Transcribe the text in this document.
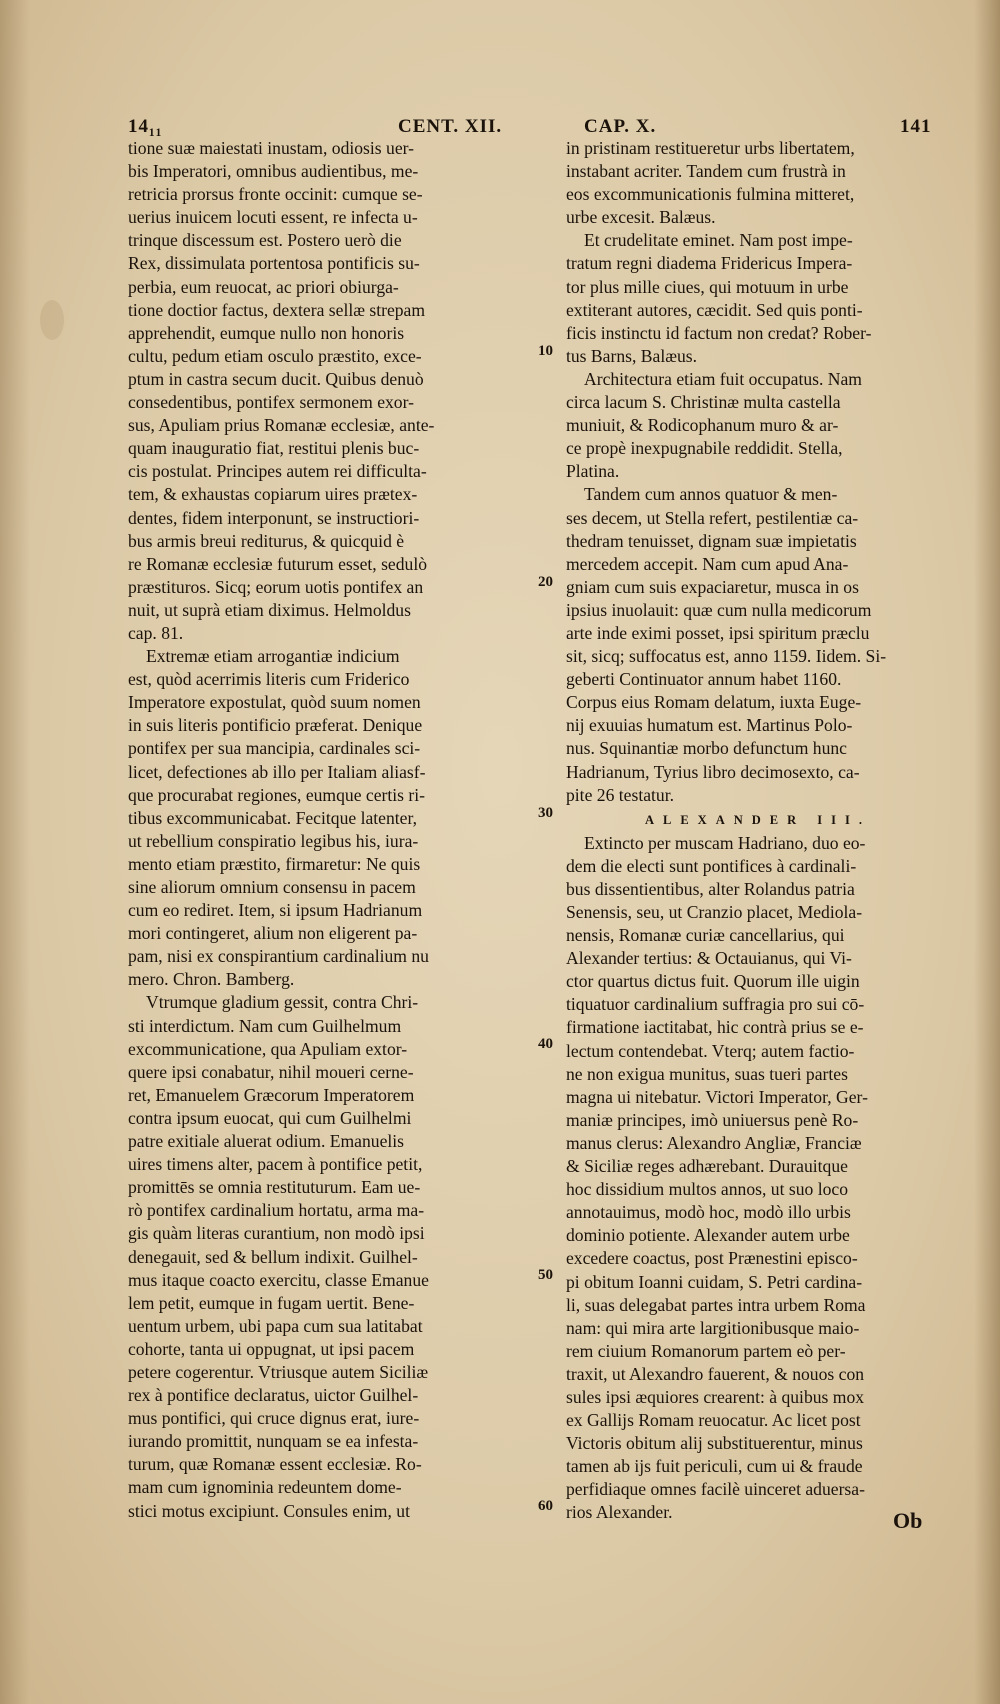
14₁₁	CENT. XII.	CAP. X.	141

tione suæ maiestati inustam, odiosis uer-
bis Imperatori, omnibus audientibus, me-
retricia prorsus fronte occinit: cumque se-
uerius inuicem locuti essent, re infecta u-
trinque discessum est. Postero uerò die
Rex, dissimulata portentosa pontificis su-
perbia, eum reuocat, ac priori obiurga-
tione doctior factus, dextera sellæ strepam
apprehendit, eumque nullo non honoris
cultu, pedum etiam osculo præstito, exce-
ptum in castra secum ducit. Quibus denuò
consedentibus, pontifex sermonem exor-
sus, Apuliam prius Romanæ ecclesiæ, ante-
quam inauguratio fiat, restitui plenis buc-
cis postulat. Principes autem rei difficulta-
tem, & exhaustas copiarum uires prætex-
dentes, fidem interponunt, se instructiori-
bus armis breui rediturus, & quicquid è
re Romanæ ecclesiæ futurum esset, sedulò
præstituros. Sicq; eorum uotis pontifex an
nuit, ut suprà etiam diximus. Helmoldus
cap. 81.

Extremæ etiam arrogantiæ indicium
est, quòd acerrimis literis cum Friderico
Imperatore expostulat, quòd suum nomen
in suis literis pontificio præferat. Denique
pontifex per sua mancipia, cardinales sci-
licet, defectiones ab illo per Italiam aliasf-
que procurabat regiones, eumque certis ri-
tibus excommunicabat. Fecitque latenter,
ut rebellium conspiratio legibus his, iura-
mento etiam præstito, firmaretur: Ne quis
sine aliorum omnium consensu in pacem
cum eo rediret. Item, si ipsum Hadrianum
mori contingeret, alium non eligerent pa-
pam, nisi ex conspirantium cardinalium nu
mero. Chron. Bamberg.

Vtrumque gladium gessit, contra Chri-
sti interdictum. Nam cum Guilhelmum
excommunicatione, qua Apuliam extor-
quere ipsi conabatur, nihil moueri cerne-
ret, Emanuelem Græcorum Imperatorem
contra ipsum euocat, qui cum Guilhelmi
patre exitiale aluerat odium. Emanuelis
uires timens alter, pacem à pontifice petit,
promittēs se omnia restituturum. Eam ue-
rò pontifex cardinalium hortatu, arma ma-
gis quàm literas curantium, non modò ipsi
denegauit, sed & bellum indixit. Guilhel-
mus itaque coacto exercitu, classe Emanue
lem petit, eumque in fugam uertit. Bene-
uentum urbem, ubi papa cum sua latitabat
cohorte, tanta ui oppugnat, ut ipsi pacem
petere cogerentur. Vtriusque autem Siciliæ
rex à pontifice declaratus, uictor Guilhel-
mus pontifici, qui cruce dignus erat, iure-
iurando promittit, nunquam se ea infesta-
turum, quæ Romanæ essent ecclesiæ. Ro-
mam cum ignominia redeuntem dome-
stici motus excipiunt. Consules enim, ut

10
20
30
40
50
60

in pristinam restitueretur urbs libertatem,
instabant acriter. Tandem cum frustrà in
eos excommunicationis fulmina mitteret,
urbe excesit. Balæus.

Et crudelitate eminet. Nam post impe-
tratum regni diadema Fridericus Impera-
tor plus mille ciues, qui motuum in urbe
extiterant autores, cæcidit. Sed quis ponti-
ficis instinctu id factum non credat? Rober-
tus Barns, Balæus.

Architectura etiam fuit occupatus. Nam
circa lacum S. Christinæ multa castella
muniuit, & Rodicophanum muro & ar-
ce propè inexpugnabile reddidit. Stella,
Platina.

Tandem cum annos quatuor & men-
ses decem, ut Stella refert, pestilentiæ ca-
thedram tenuisset, dignam suæ impietatis
mercedem accepit. Nam cum apud Ana-
gniam cum suis expaciaretur, musca in os
ipsius inuolauit: quæ cum nulla medicorum
arte inde eximi posset, ipsi spiritum præclu
sit, sicq; suffocatus est, anno 1159. Iidem. Si-
geberti Continuator annum habet 1160.
Corpus eius Romam delatum, iuxta Euge-
nij exuuias humatum est. Martinus Polo-
nus. Squinantiæ morbo defunctum hunc
Hadrianum, Tyrius libro decimosexto, ca-
pite 26 testatur.

ALEXANDER III.

Extincto per muscam Hadriano, duo eo-
dem die electi sunt pontifices à cardinali-
bus dissentientibus, alter Rolandus patria
Senensis, seu, ut Cranzio placet, Mediola-
nensis, Romanæ curiæ cancellarius, qui
Alexander tertius: & Octauianus, qui Vi-
ctor quartus dictus fuit. Quorum ille uigin
tiquatuor cardinalium suffragia pro sui cō-
firmatione iactitabat, hic contrà prius se e-
lectum contendebat. Vterq; autem factio-
ne non exigua munitus, suas tueri partes
magna ui nitebatur. Victori Imperator, Ger-
maniæ principes, imò uniuersus penè Ro-
manus clerus: Alexandro Angliæ, Franciæ
& Siciliæ reges adhærebant. Durauitque
hoc dissidium multos annos, ut suo loco
annotauimus, modò hoc, modò illo urbis
dominio potiente. Alexander autem urbe
excedere coactus, post Prænestini episco-
pi obitum Ioanni cuidam, S. Petri cardina-
li, suas delegabat partes intra urbem Roma
nam: qui mira arte largitionibusque maio-
rem ciuium Romanorum partem eò per-
traxit, ut Alexandro fauerent, & nouos con
sules ipsi æquiores crearent: à quibus mox
ex Gallijs Romam reuocatur. Ac licet post
Victoris obitum alij substituerentur, minus
tamen ab ijs fuit periculi, cum ui & fraude
perfidiaque omnes facilè uinceret aduersa-
rios Alexander.	Ob
